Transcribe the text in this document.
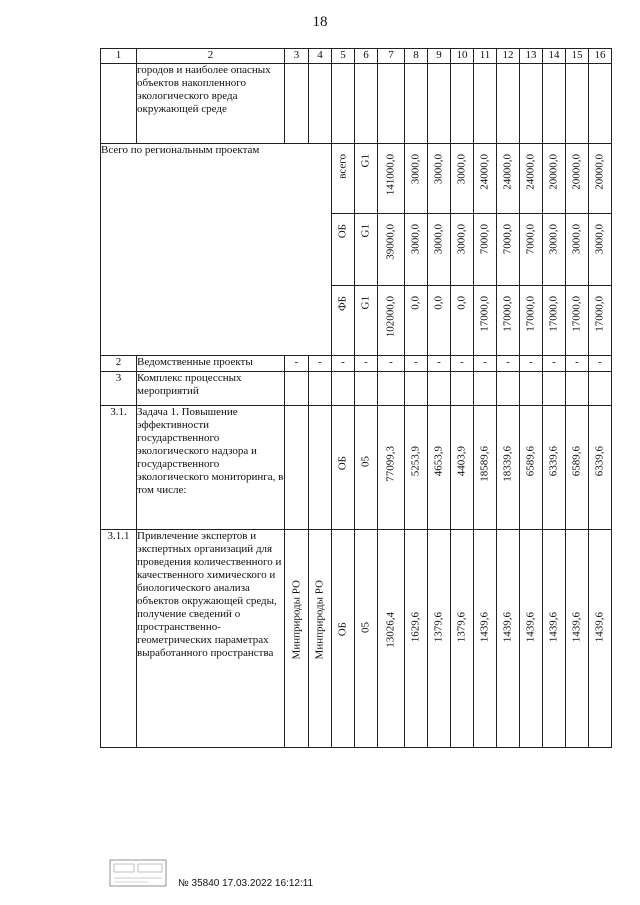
18
1	2	3	4	5	6	7	8	9	10	11	12	13	14	15	16
	городов и наиболее опасных объектов накопленного экологического вреда окружающей среде														
Всего по региональным проектам				всего	G1	141000,0	3000,0	3000,0	3000,0	24000,0	24000,0	24000,0	20000,0	20000,0	20000,0

				ОБ	G1	39000,0	3000,0	3000,0	3000,0	7000,0	7000,0	7000,0	3000,0	3000,0	3000,0

				ФБ	G1	102000,0	0,0	0,0	0,0	17000,0	17000,0	17000,0	17000,0	17000,0	17000,0

2	Ведомственные проекты	-	-	-	-	-	-	-	-	-	-	-	-	-	-
3	Комплекс процессных мероприятий														
3.1.	Задача 1. Повышение эффективности государственного экологического надзора и государственного экологического мониторинга, в том числе:			ОБ	05	77099,3	5253,9	4653,9	4403,9	18589,6	18339,6	6589,6	6339,6	6589,6	6339,6

3.1.1	Привлечение экспертов и экспертных организаций для проведения количественного и качественного химического и биологического анализа объектов окружающей среды, получение сведений о пространственно-геометрических параметрах выработанного пространства	Минприроды РО	Минприроды РО	ОБ	05	13026,4	1629,6	1379,6	1379,6	1439,6	1439,6	1439,6	1439,6	1439,6	1439,6
№ 35840 17.03.2022 16:12:11
